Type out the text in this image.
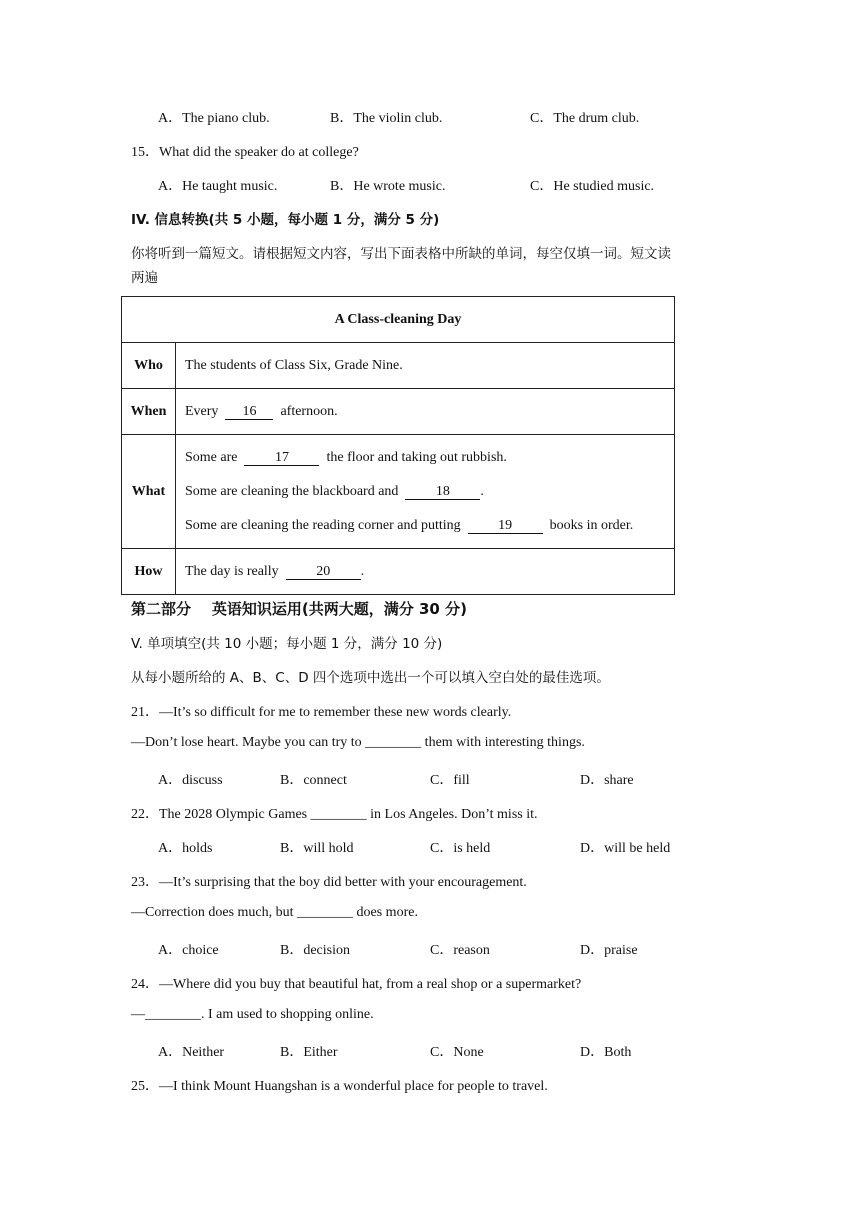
A．The piano club.	B．The violin club.	C．The drum club.
15．What did the speaker do at college?
A．He taught music.	B．He wrote music.	C．He studied music.
IV. 信息转换(共 5 小题，每小题 1 分，满分 5 分)
你将听到一篇短文。请根据短文内容，写出下面表格中所缺的单词，每空仅填一词。短文读
两遍
A Class-cleaning Day	
Who	The students of Class Six, Grade Nine.
When	Every 16 afternoon.
What	Some are 17 the floor and taking out rubbish.
Some are cleaning the blackboard and 18 .
Some are cleaning the reading corner and putting 19 books in order.

How	The day is really 20 .
第二部分    英语知识运用(共两大题，满分 30 分)
V. 单项填空(共 10 小题；每小题 1 分，满分 10 分)
从每小题所给的 A、B、C、D 四个选项中选出一个可以填入空白处的最佳选项。
21．—It’s so difficult for me to remember these new words clearly.
—Don’t lose heart. Maybe you can try to ________ them with interesting things.
A．discuss	B．connect	C．fill	D．share
22．The 2028 Olympic Games ________ in Los Angeles. Don’t miss it.
A．holds	B．will hold	C．is held	D．will be held
23．—It’s surprising that the boy did better with your encouragement.
—Correction does much, but ________ does more.
A．choice	B．decision	C．reason	D．praise
24．—Where did you buy that beautiful hat, from a real shop or a supermarket?
—________. I am used to shopping online.
A．Neither	B．Either	C．None	D．Both
25．—I think Mount Huangshan is a wonderful place for people to travel.
